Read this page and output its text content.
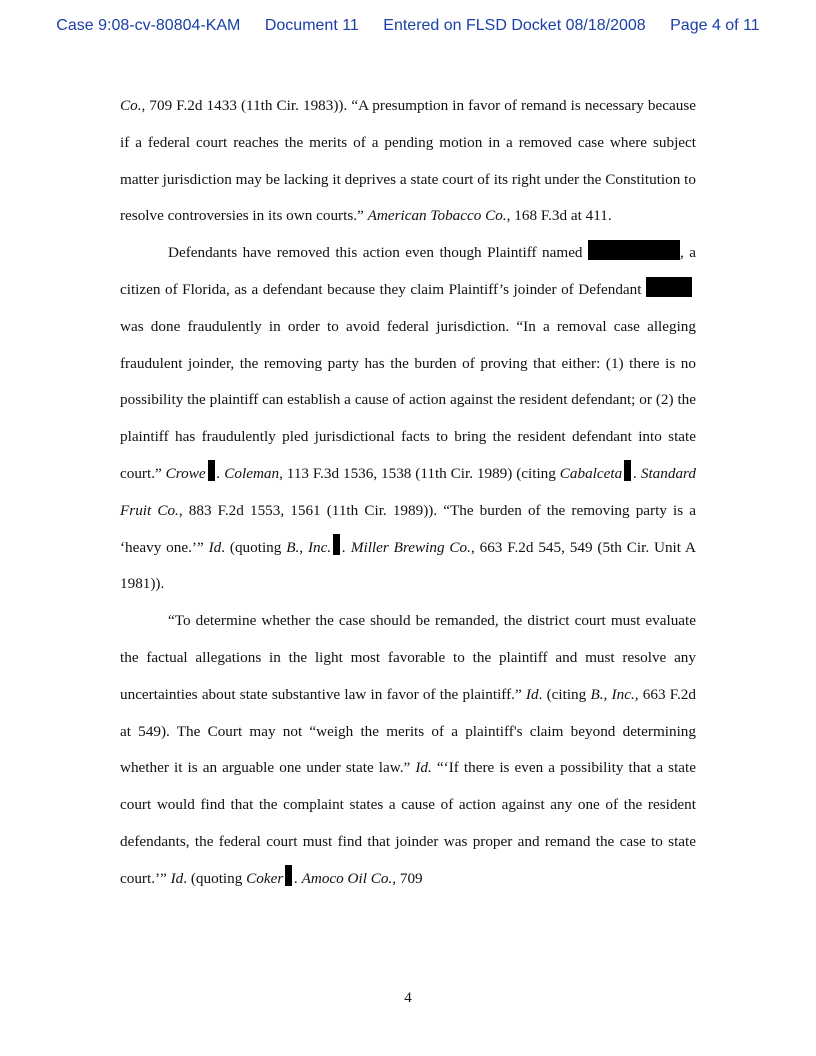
Case 9:08-cv-80804-KAM Document 11 Entered on FLSD Docket 08/18/2008 Page 4 of 11

Co., 709 F.2d 1433 (11th Cir. 1983)). “A presumption in favor of remand is necessary because if a federal court reaches the merits of a pending motion in a removed case where subject matter jurisdiction may be lacking it deprives a state court of its right under the Constitution to resolve controversies in its own courts.” American Tobacco Co., 168 F.3d at 411.

Defendants have removed this action even though Plaintiff named	, a citizen of Florida, as a defendant because they claim Plaintiff’s joinder of Defendant was done fraudulently in order to avoid federal jurisdiction. “In a removal case alleging fraudulent joinder, the removing party has the burden of proving that either: (1) there is no possibility the plaintiff can establish a cause of action against the resident defendant; or (2) the plaintiff has fraudulently pled jurisdictional facts to bring the resident defendant into state court.” Crowe . Coleman, 113 F.3d 1536, 1538 (11th Cir. 1989) (citing Cabalceta . Standard Fruit Co., 883 F.2d 1553, 1561 (11th Cir. 1989)). “The burden of the removing party is a ‘heavy one.’” Id. (quoting B., Inc. . Miller Brewing Co., 663 F.2d 545, 549 (5th Cir. Unit A 1981)).

“To determine whether the case should be remanded, the district court must evaluate the factual allegations in the light most favorable to the plaintiff and must resolve any uncertainties about state substantive law in favor of the plaintiff.” Id. (citing B., Inc., 663 F.2d at 549). The Court may not “weigh the merits of a plaintiff's claim beyond determining whether it is an arguable one under state law.” Id. “‘If there is even a possibility that a state court would find that the complaint states a cause of action against any one of the resident defendants, the federal court must find that joinder was proper and remand the case to state court.’” Id. (quoting Coker . Amoco Oil Co., 709

4
